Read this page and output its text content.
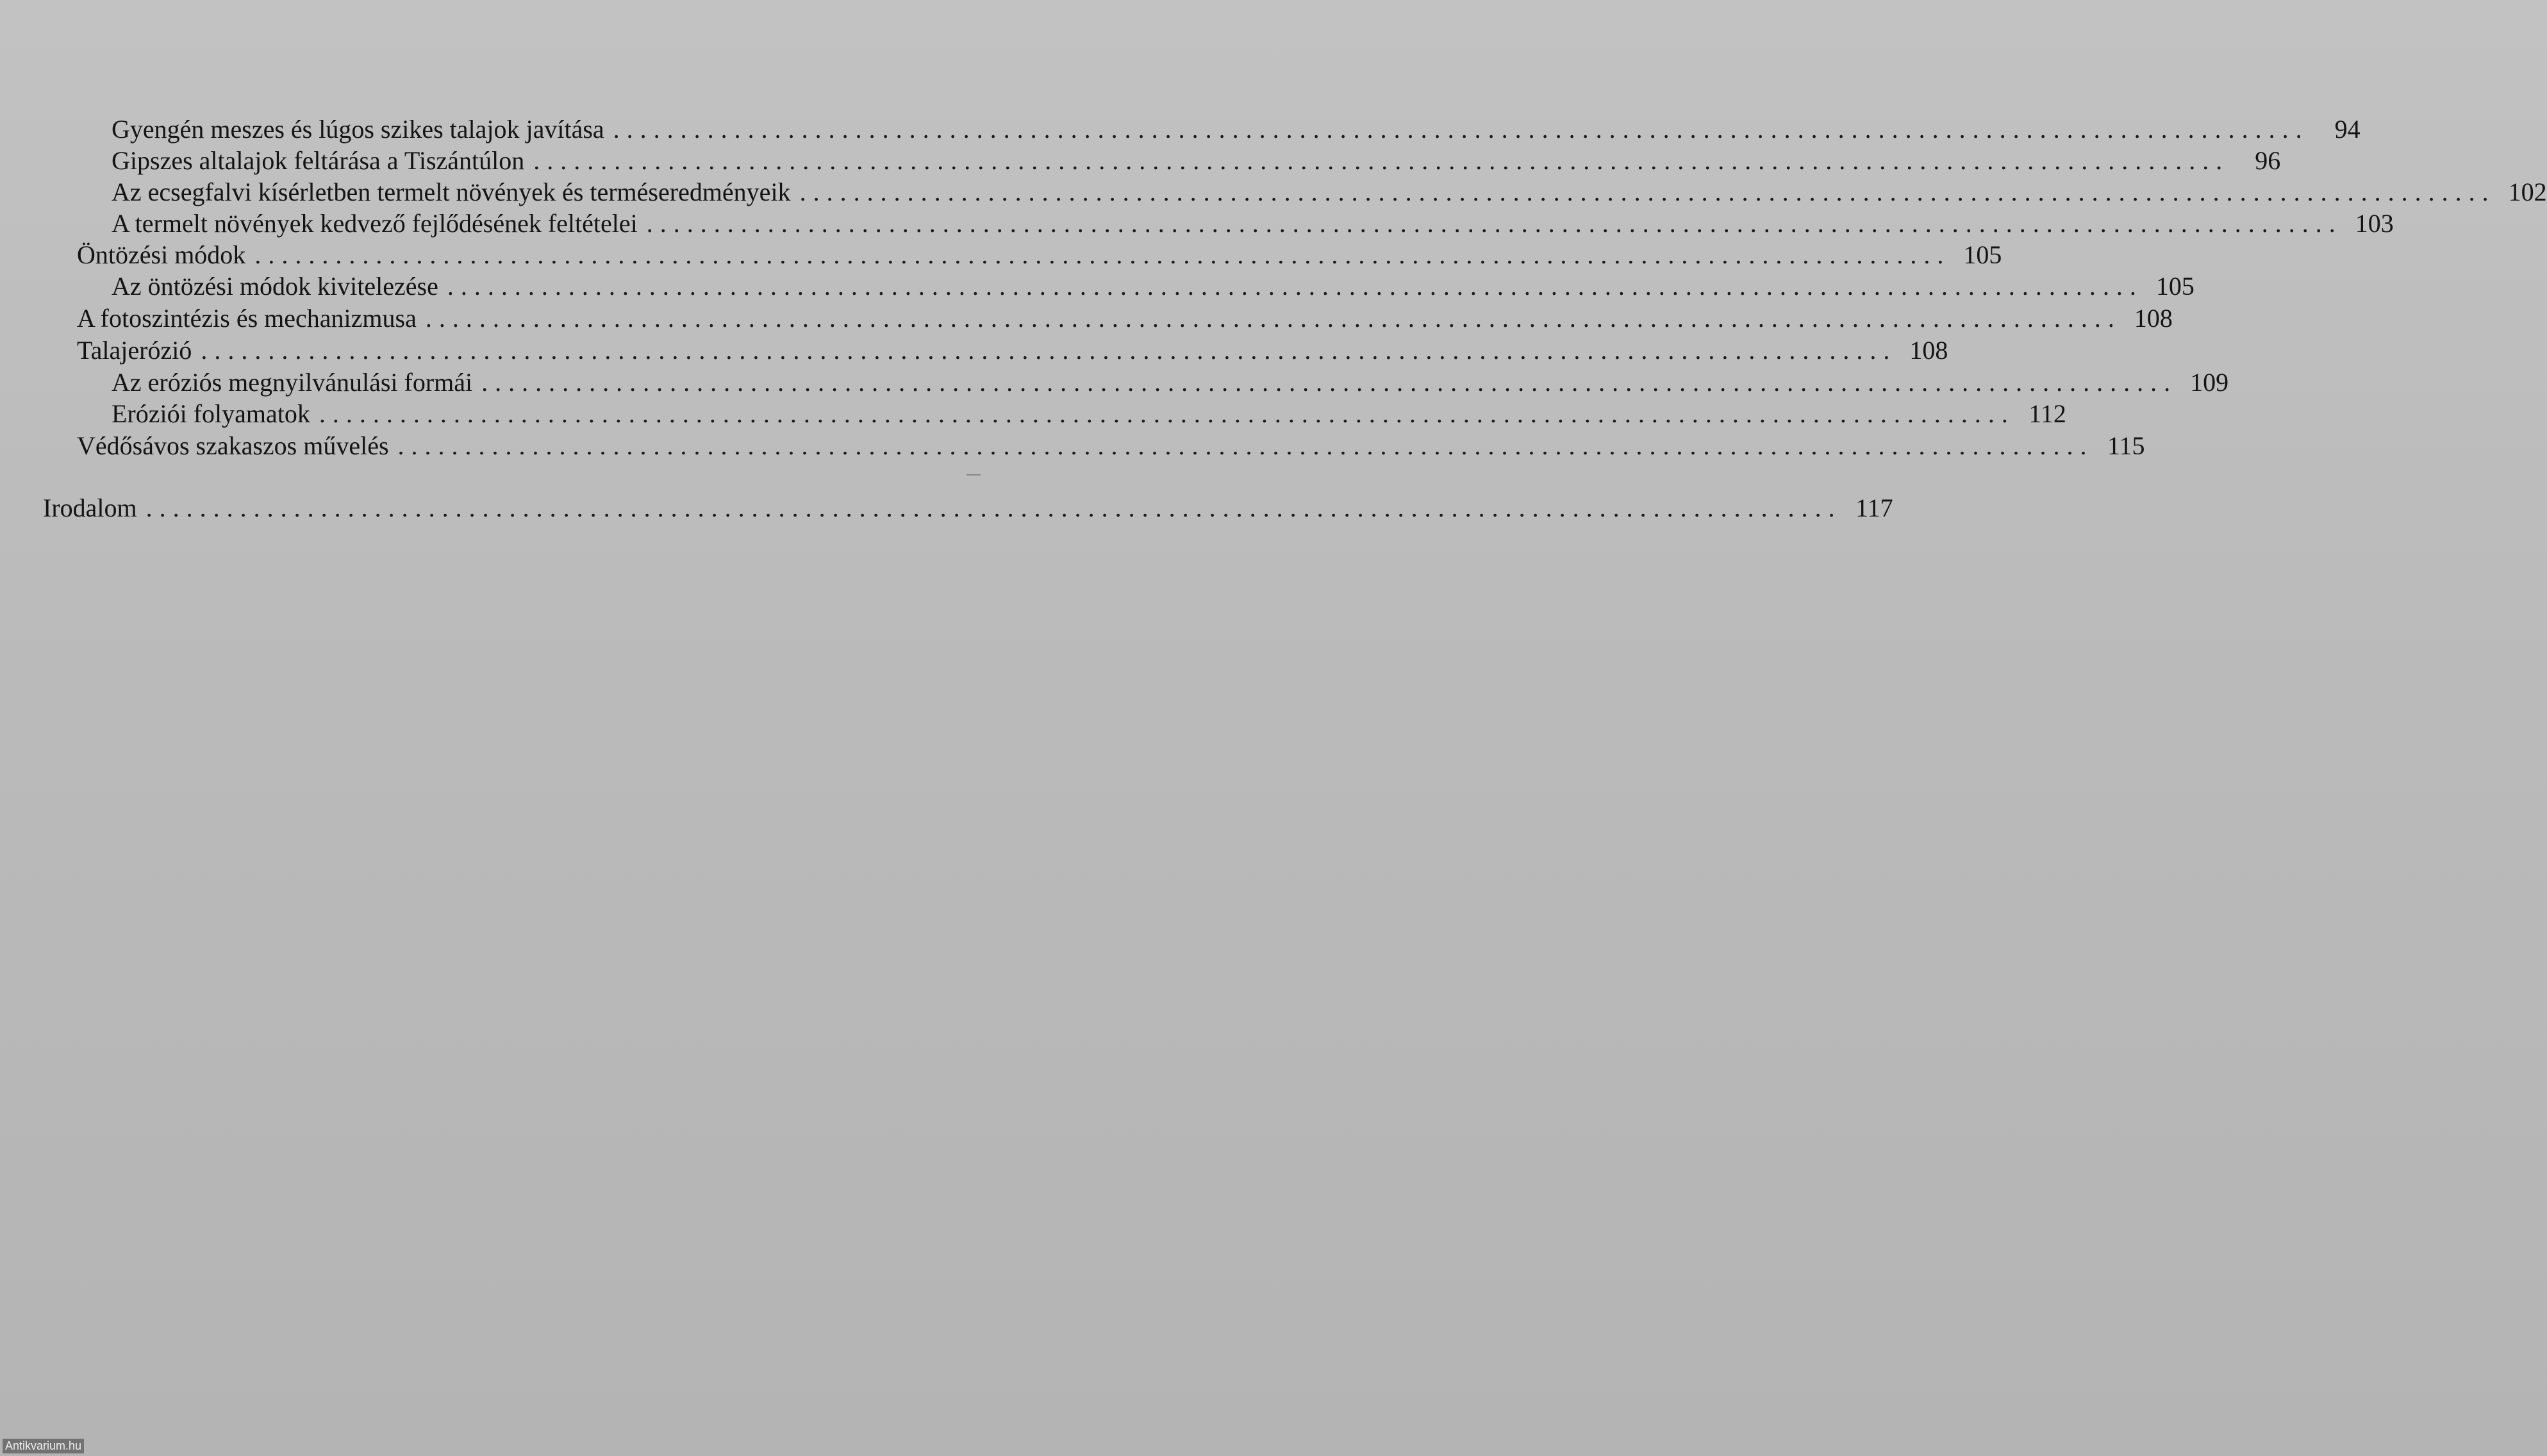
Gyengén meszes és lúgos szikes talajok javítása ..............................................................................................................................	94
Gipszes altalajok feltárása a Tiszántúlon ..............................................................................................................................	96
Az ecsegfalvi kísérletben termelt növények és terméseredményeik .............................................................................................................................. 102
A termelt növények kedvező fejlődésének feltételei .............................................................................................................................. 103
Öntözési módok .............................................................................................................................. 105
Az öntözési módok kivitelezése .............................................................................................................................. 105
A fotoszintézis és mechanizmusa .............................................................................................................................. 108
Talajerózió .............................................................................................................................. 108
Az eróziós megnyilvánulási formái .............................................................................................................................. 109
Erózióі folyamatok .............................................................................................................................. 112
Védősávos szakaszos művelés .............................................................................................................................. 115
Irodalom .............................................................................................................................. 117
Antikvarium.hu
